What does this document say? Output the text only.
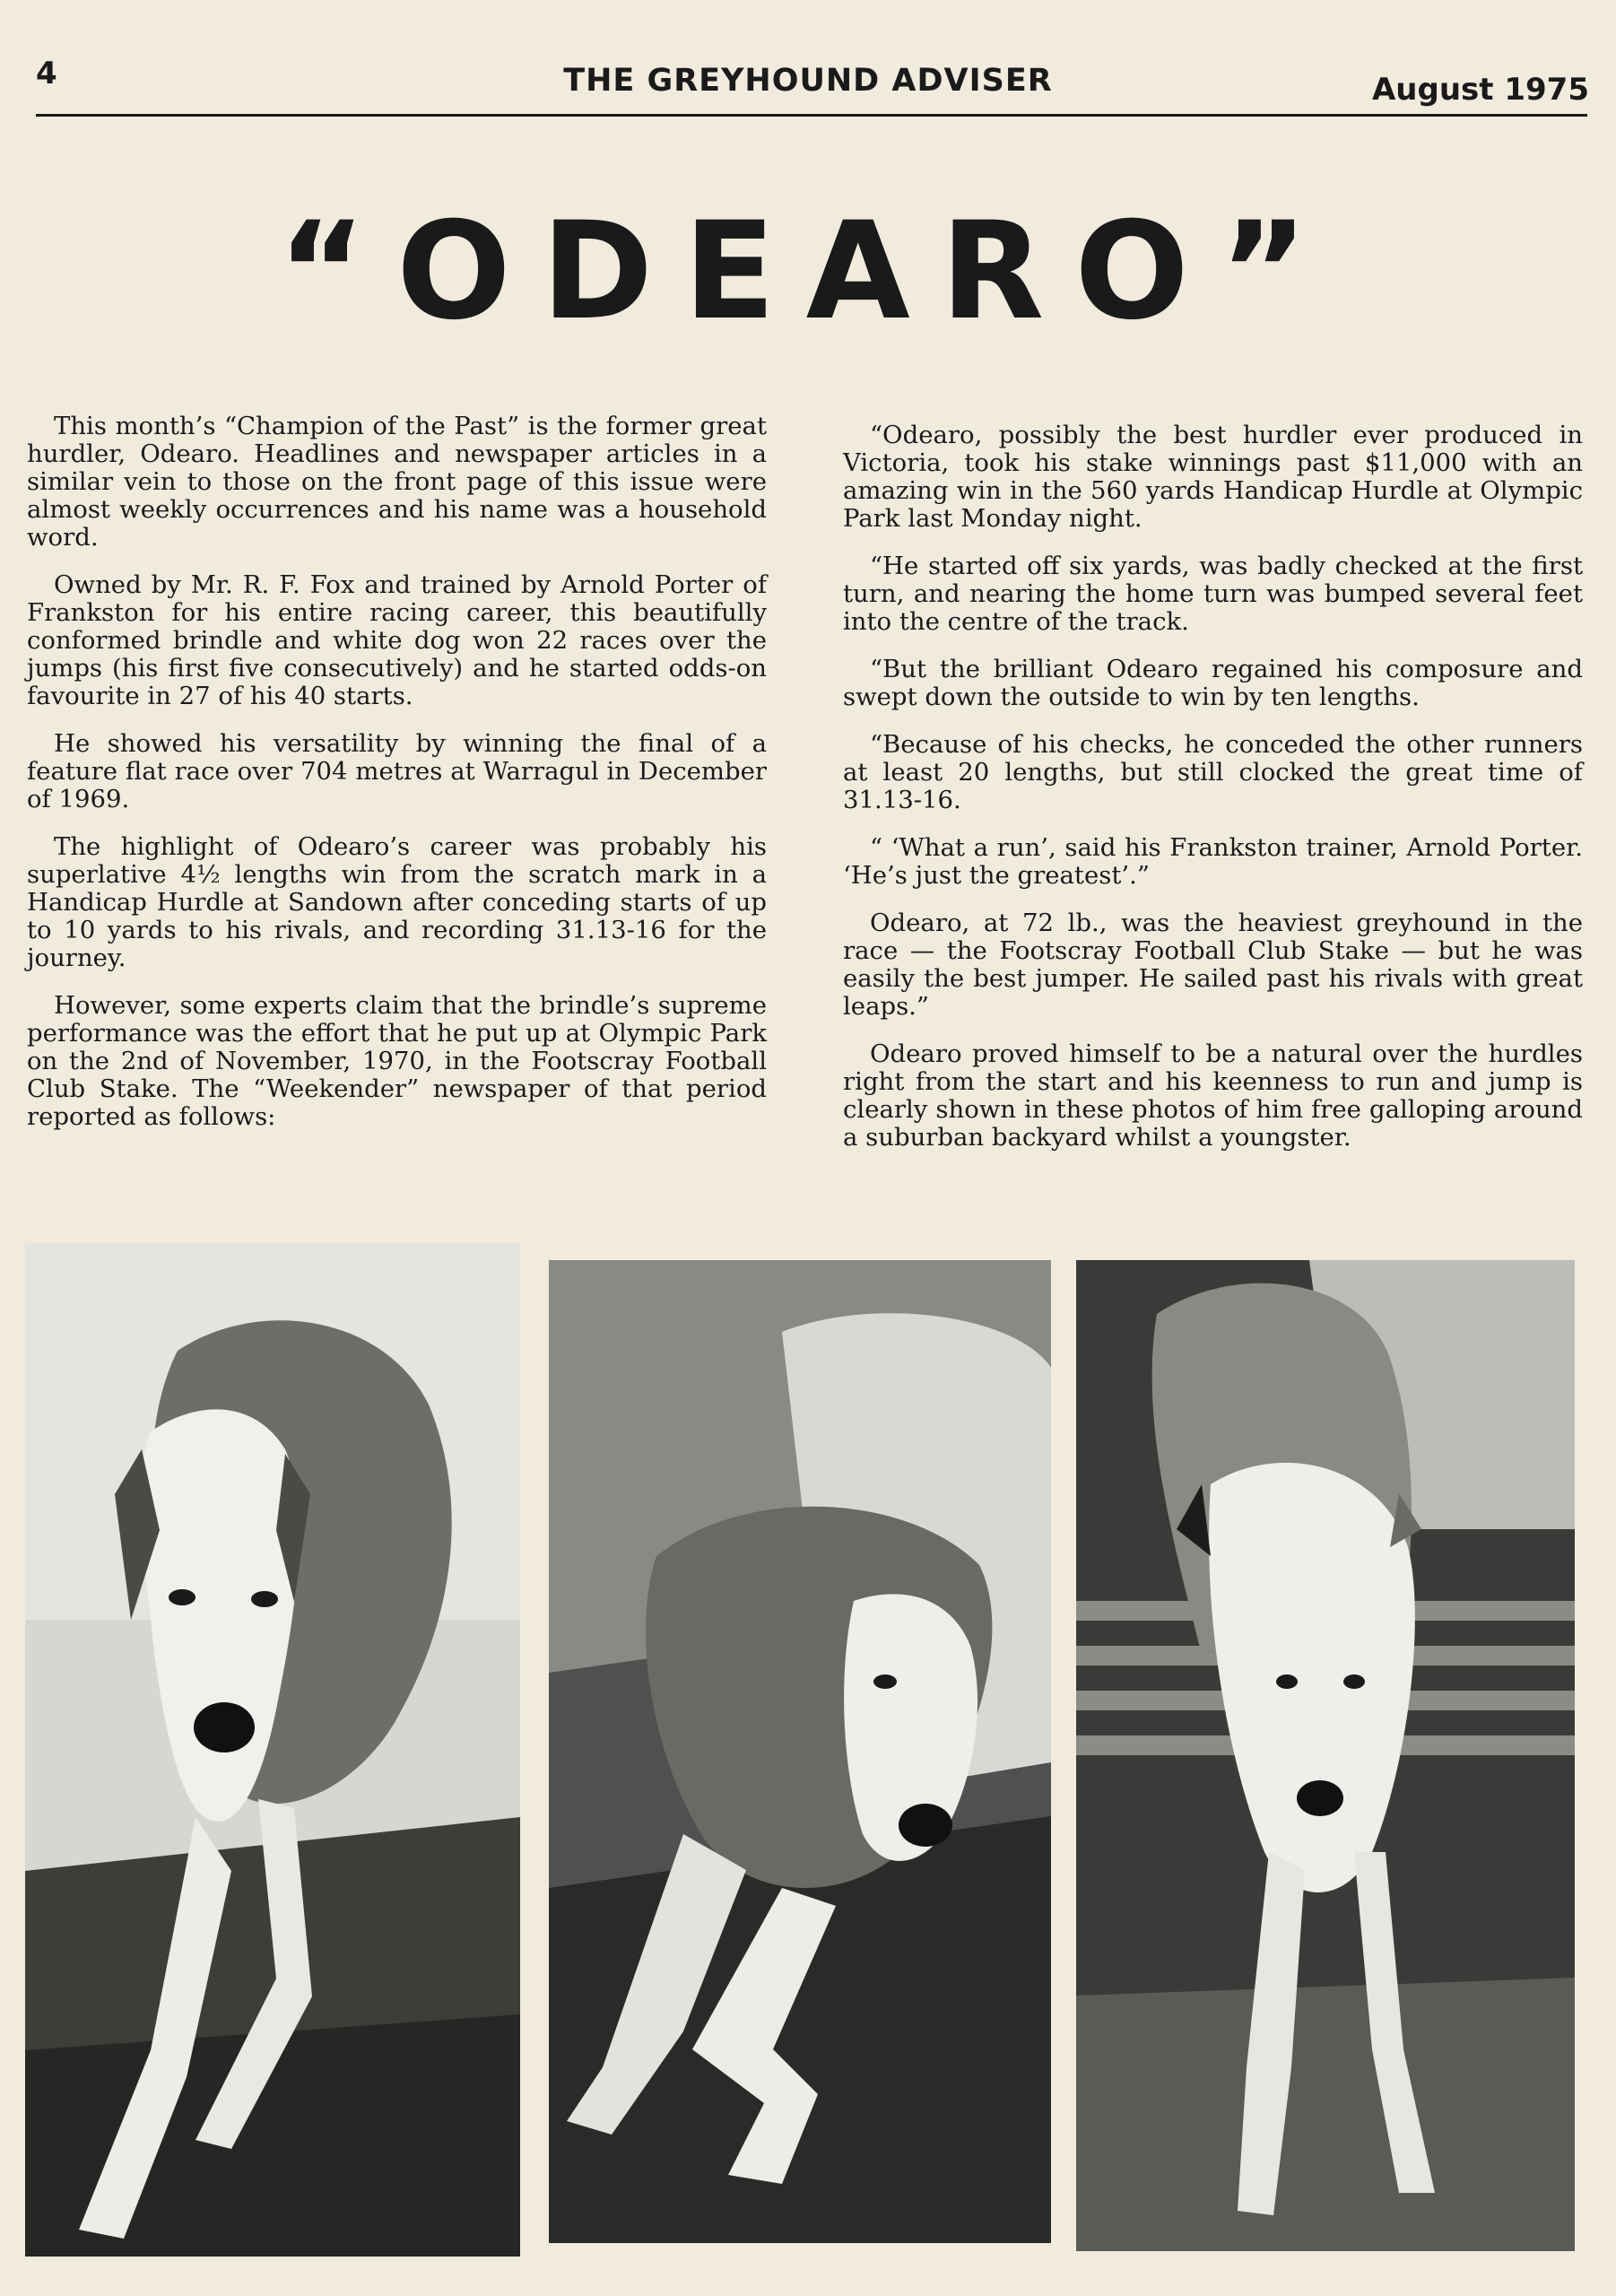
4	THE GREYHOUND ADVISER	August 1975
“ODEARO”

This month’s “Champion of the Past” is the former great hurdler, Odearo. Headlines and newspaper articles in a similar vein to those on the front page of this issue were almost weekly occurrences and his name was a household word.

Owned by Mr. R. F. Fox and trained by Arnold Porter of Frankston for his entire racing career, this beautifully conformed brindle and white dog won 22 races over the jumps (his first five consecutively) and he started odds-on favourite in 27 of his 40 starts.

He showed his versatility by winning the final of a feature flat race over 704 metres at Warragul in December of 1969.

The highlight of Odearo’s career was probably his superlative 4½ lengths win from the scratch mark in a Handicap Hurdle at Sandown after conceding starts of up to 10 yards to his rivals, and recording 31.13-16 for the journey.

However, some experts claim that the brindle’s supreme performance was the effort that he put up at Olympic Park on the 2nd of November, 1970, in the Footscray Football Club Stake. The “Weekender” newspaper of that period reported as follows:

“Odearo, possibly the best hurdler ever produced in Victoria, took his stake winnings past $11,000 with an amazing win in the 560 yards Handicap Hurdle at Olympic Park last Monday night.

“He started off six yards, was badly checked at the first turn, and nearing the home turn was bumped several feet into the centre of the track.

“But the brilliant Odearo regained his composure and swept down the outside to win by ten lengths.

“Because of his checks, he conceded the other runners at least 20 lengths, but still clocked the great time of 31.13-16.

“ ‘What a run’, said his Frankston trainer, Arnold Porter. ‘He’s just the greatest’.”

Odearo, at 72 lb., was the heaviest greyhound in the race — the Footscray Football Club Stake — but he was easily the best jumper. He sailed past his rivals with great leaps.”

Odearo proved himself to be a natural over the hurdles right from the start and his keenness to run and jump is clearly shown in these photos of him free galloping around a suburban backyard whilst a youngster.
